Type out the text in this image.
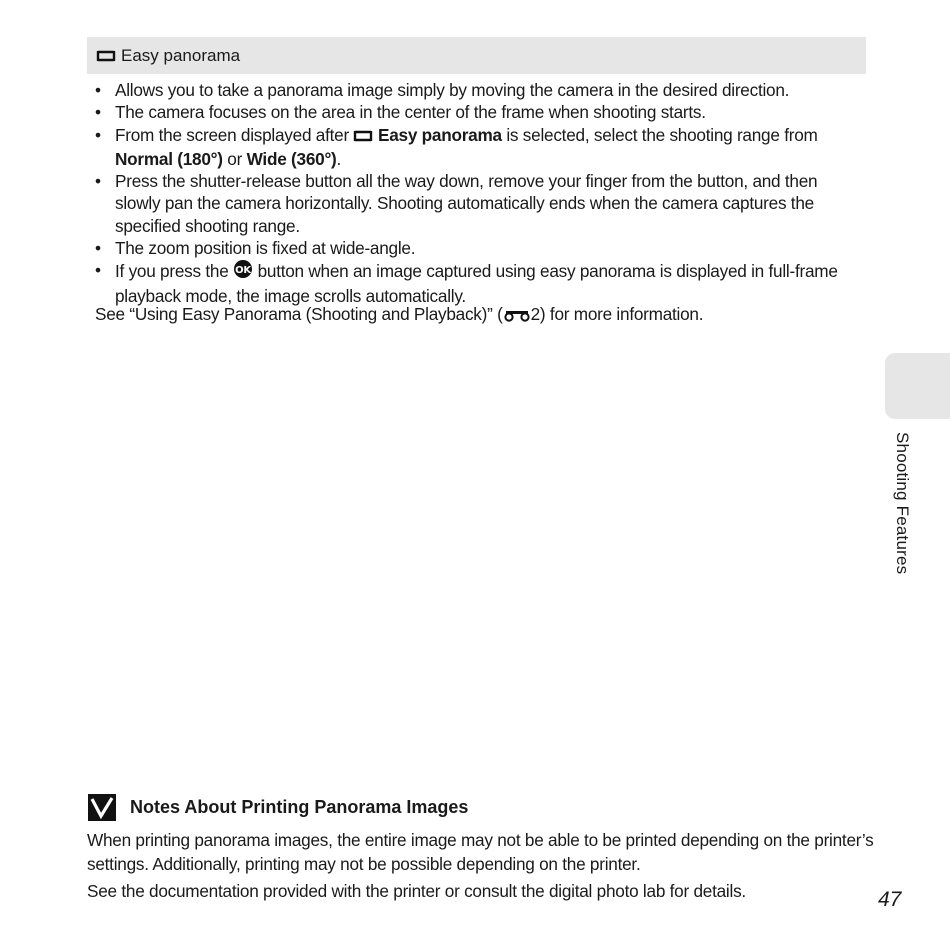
Easy panorama
• Allows you to take a panorama image simply by moving the camera in the desired direction.
• The camera focuses on the area in the center of the frame when shooting starts.
• From the screen displayed after Easy panorama is selected, select the shooting range from Normal (180°) or Wide (360°).
• Press the shutter-release button all the way down, remove your finger from the button, and then slowly pan the camera horizontally. Shooting automatically ends when the camera captures the specified shooting range.
• The zoom position is fixed at wide-angle.
• If you press the OK button when an image captured using easy panorama is displayed in full-frame playback mode, the image scrolls automatically.
See “Using Easy Panorama (Shooting and Playback)” ( 2) for more information.
Shooting Features
Notes About Printing Panorama Images

When printing panorama images, the entire image may not be able to be printed depending on the printer’s settings. Additionally, printing may not be possible depending on the printer.

See the documentation provided with the printer or consult the digital photo lab for details.	47
